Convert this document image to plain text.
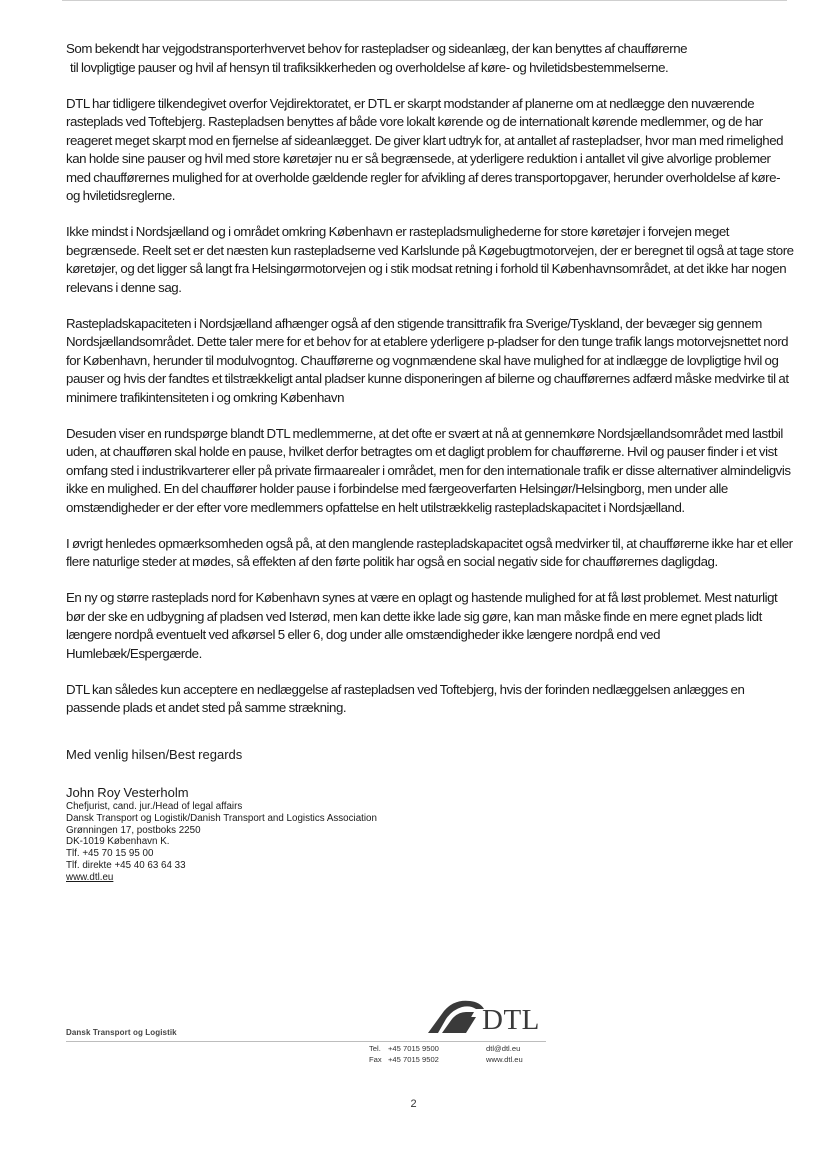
Som bekendt har vejgodstransporterhvervet behov for rastepladser og sideanlæg, der kan benyttes af chaufførerne
til lovpligtige pauser og hvil af hensyn til trafiksikkerheden og overholdelse af køre- og hviletidsbestemmelserne.

DTL har tidligere tilkendegivet overfor Vejdirektoratet, er DTL er skarpt modstander af planerne om at nedlægge den nuværende rasteplads ved Toftebjerg. Rastepladsen benyttes af både vore lokalt kørende og de internationalt kørende medlemmer, og de har reageret meget skarpt mod en fjernelse af sideanlægget. De giver klart udtryk for, at antallet af rastepladser, hvor man med rimelighed kan holde sine pauser og hvil med store køretøjer nu er så begrænsede, at yderligere reduktion i antallet vil give alvorlige problemer med chaufførernes mulighed for at overholde gældende regler for afvikling af deres transportopgaver, herunder overholdelse af køre- og hviletidsreglerne.

Ikke mindst i Nordsjælland og i området omkring København er rastepladsmulighederne for store køretøjer i forvejen meget begrænsede. Reelt set er det næsten kun rastepladserne ved Karlslunde på Køgebugtmotorvejen, der er beregnet til også at tage store køretøjer, og det ligger så langt fra Helsingørmotorvejen og i stik modsat retning i forhold til Københavnsområdet, at det ikke har nogen relevans i denne sag.

Rastepladskapaciteten i Nordsjælland afhænger også af den stigende transittrafik fra Sverige/Tyskland, der bevæger sig gennem Nordsjællandsområdet. Dette taler mere for et behov for at etablere yderligere p-pladser for den tunge trafik langs motorvejsnettet nord for København, herunder til modulvogntog. Chaufførerne og vognmændene skal have mulighed for at indlægge de lovpligtige hvil og pauser og hvis der fandtes et tilstrækkeligt antal pladser kunne disponeringen af bilerne og chaufførernes adfærd måske medvirke til at minimere trafikintensiteten i og omkring København

Desuden viser en rundspørge blandt DTL medlemmerne, at det ofte er svært at nå at gennemkøre Nordsjællandsområdet med lastbil uden, at chaufføren skal holde en pause, hvilket derfor betragtes om et dagligt problem for chaufførerne. Hvil og pauser finder i et vist omfang sted i industrikvarterer eller på private firmaarealer i området, men for den internationale trafik er disse alternativer almindeligvis ikke en mulighed. En del chauffører holder pause i forbindelse med færgeoverfarten Helsingør/Helsingborg, men under alle omstændigheder er der efter vore medlemmers opfattelse en helt utilstrækkelig rastepladskapacitet i Nordsjælland.

I øvrigt henledes opmærksomheden også på, at den manglende rastepladskapacitet også medvirker til, at chaufførerne ikke har et eller flere naturlige steder at mødes, så effekten af den førte politik har også en social negativ side for chaufførernes dagligdag.

En ny og større rasteplads nord for København synes at være en oplagt og hastende mulighed for at få løst problemet. Mest naturligt bør der ske en udbygning af pladsen ved Isterød, men kan dette ikke lade sig gøre, kan man måske finde en mere egnet plads lidt længere nordpå eventuelt ved afkørsel 5 eller 6, dog under alle omstændigheder ikke længere nordpå end ved Humlebæk/Espergærde.

DTL kan således kun acceptere en nedlæggelse af rastepladsen ved Toftebjerg, hvis der forinden nedlæggelsen anlægges en passende plads et andet sted på samme strækning.

Med venlig hilsen/Best regards
John Roy Vesterholm
Chefjurist, cand. jur./Head of legal affairs
Dansk Transport og Logistik/Danish Transport and Logistics Association
Grønningen 17, postboks 2250
DK-1019 København K.
Tlf. +45 70 15 95 00
Tlf. direkte +45 40 63 64 33
www.dtl.eu
Dansk Transport og Logistik	DTL
Tel. +45 7015 9500
Fax +45 7015 9502
dtl@dtl.eu
www.dtl.eu
2
